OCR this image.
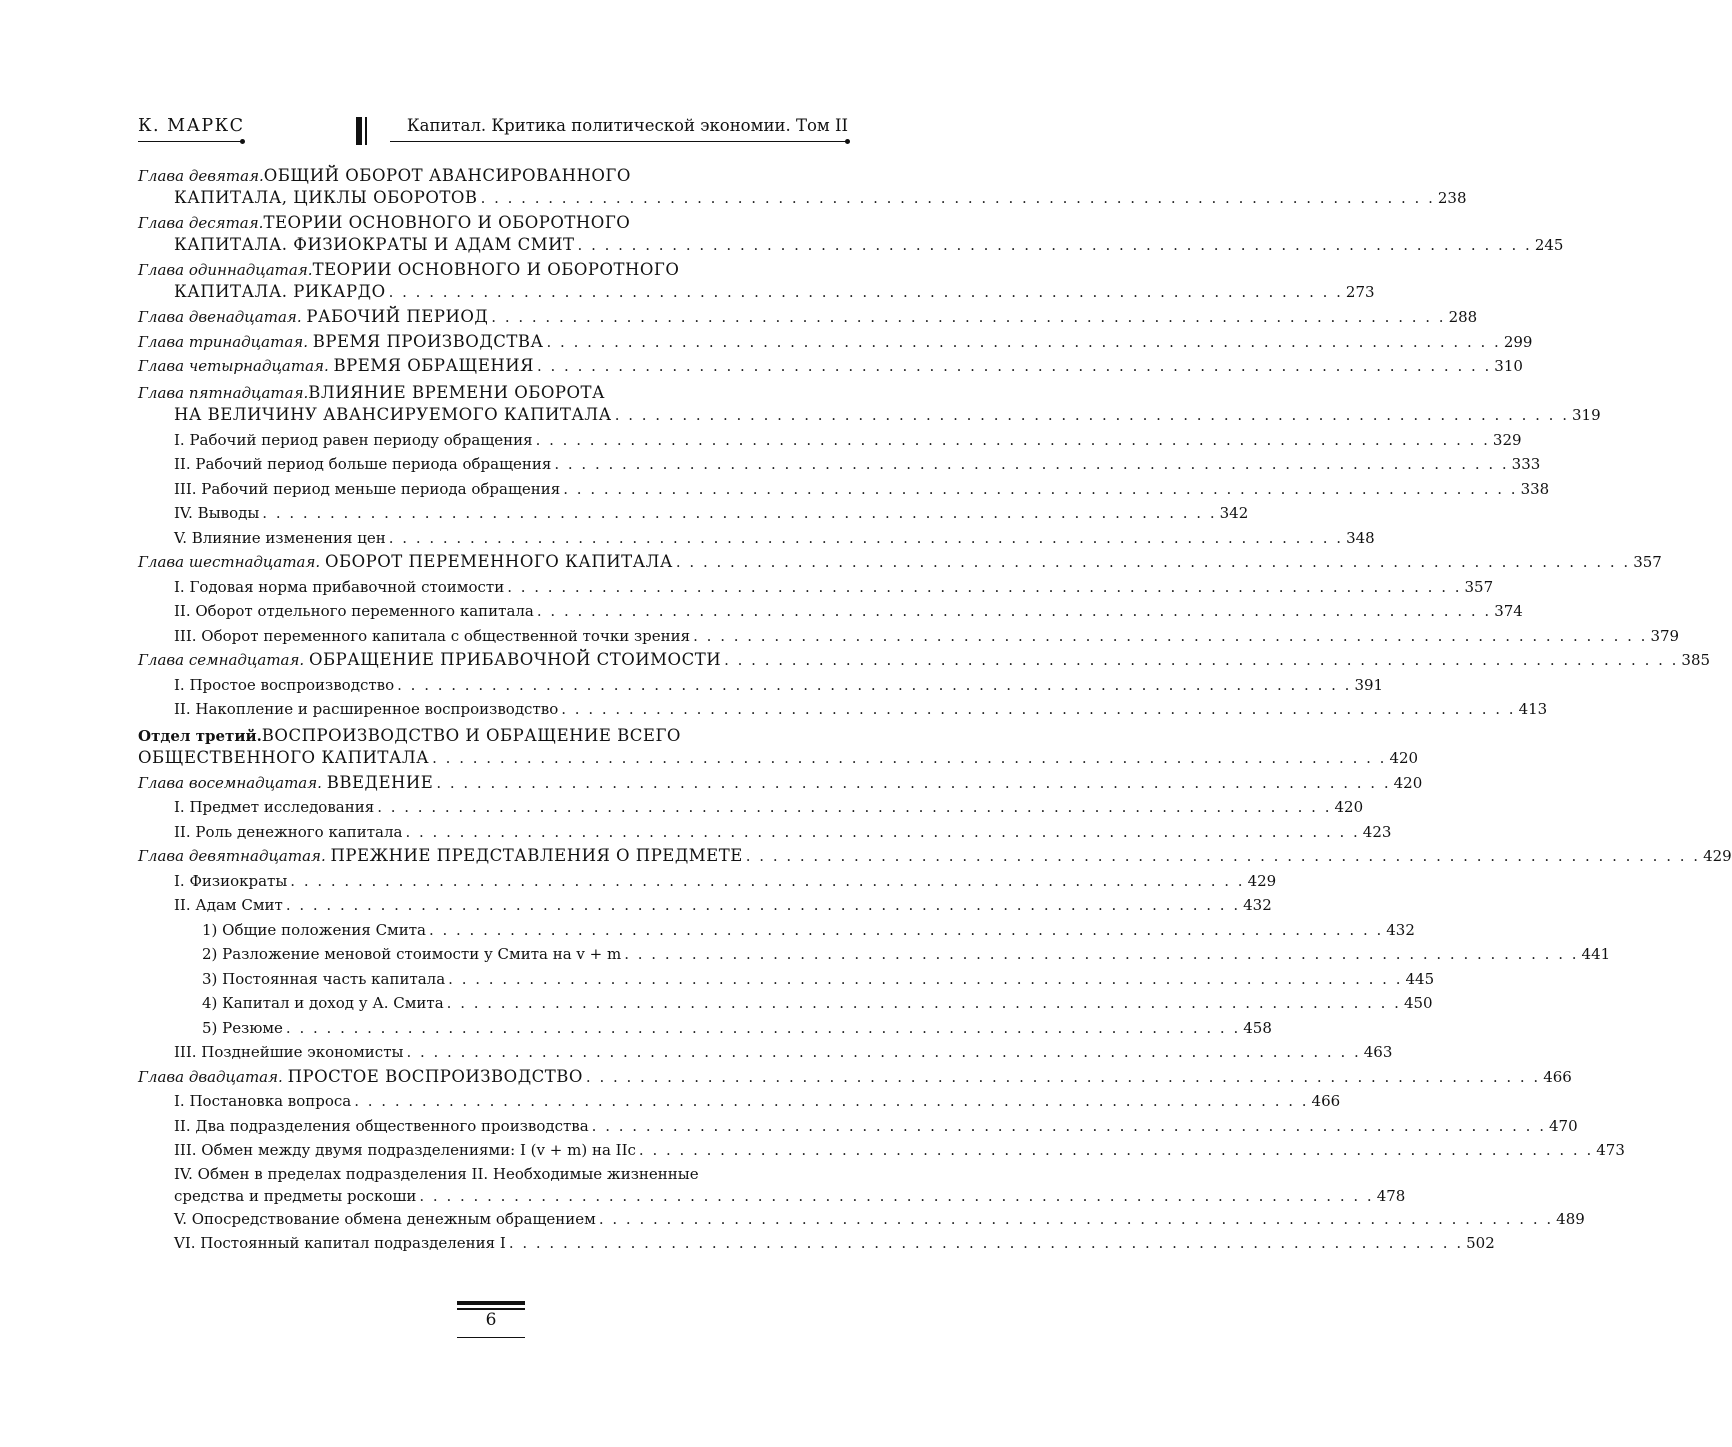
К. МАРКС	Капитал. Критика политической экономии. Том II
Глава девятая. ОБЩИЙ ОБОРОТ АВАНСИРОВАННОГО
КАПИТАЛА, ЦИКЛЫ ОБОРОТОВ . . . . . . . . . . . . . . . . . . . . . . . . . . . . . . . . . . . . . . . . . . . . . . . . . . . . . . . . . . . . . . . . . . . . . . . 238
Глава десятая. ТЕОРИИ ОСНОВНОГО И ОБОРОТНОГО
КАПИТАЛА. ФИЗИОКРАТЫ И АДАМ СМИТ . . . . . . . . . . . . . . . . . . . . . . . . . . . . . . . . . . . . . . . . . . . . . . . . . . . . . . . . . . . . . . . . . . . . . . . 245
Глава одиннадцатая. ТЕОРИИ ОСНОВНОГО И ОБОРОТНОГО
КАПИТАЛА. РИКАРДО . . . . . . . . . . . . . . . . . . . . . . . . . . . . . . . . . . . . . . . . . . . . . . . . . . . . . . . . . . . . . . . . . . . . . . . 273
Глава двенадцатая. РАБОЧИЙ ПЕРИОД . . . . . . . . . . . . . . . . . . . . . . . . . . . . . . . . . . . . . . . . . . . . . . . . . . . . . . . . . . . . . . . . . . . . . . . 288
Глава тринадцатая. ВРЕМЯ ПРОИЗВОДСТВА . . . . . . . . . . . . . . . . . . . . . . . . . . . . . . . . . . . . . . . . . . . . . . . . . . . . . . . . . . . . . . . . . . . . . . . 299
Глава четырнадцатая. ВРЕМЯ ОБРАЩЕНИЯ . . . . . . . . . . . . . . . . . . . . . . . . . . . . . . . . . . . . . . . . . . . . . . . . . . . . . . . . . . . . . . . . . . . . . . . 310
Глава пятнадцатая. ВЛИЯНИЕ ВРЕМЕНИ ОБОРОТА
НА ВЕЛИЧИНУ АВАНСИРУЕМОГО КАПИТАЛА . . . . . . . . . . . . . . . . . . . . . . . . . . . . . . . . . . . . . . . . . . . . . . . . . . . . . . . . . . . . . . . . . . . . . . . 319
I. Рабочий период равен периоду обращения . . . . . . . . . . . . . . . . . . . . . . . . . . . . . . . . . . . . . . . . . . . . . . . . . . . . . . . . . . . . . . . . . . . . . . . 329
II. Рабочий период больше периода обращения . . . . . . . . . . . . . . . . . . . . . . . . . . . . . . . . . . . . . . . . . . . . . . . . . . . . . . . . . . . . . . . . . . . . . . . 333
III. Рабочий период меньше периода обращения . . . . . . . . . . . . . . . . . . . . . . . . . . . . . . . . . . . . . . . . . . . . . . . . . . . . . . . . . . . . . . . . . . . . . . . 338
IV. Выводы . . . . . . . . . . . . . . . . . . . . . . . . . . . . . . . . . . . . . . . . . . . . . . . . . . . . . . . . . . . . . . . . . . . . . . . 342
V. Влияние изменения цен . . . . . . . . . . . . . . . . . . . . . . . . . . . . . . . . . . . . . . . . . . . . . . . . . . . . . . . . . . . . . . . . . . . . . . . 348
Глава шестнадцатая. ОБОРОТ ПЕРЕМЕННОГО КАПИТАЛА . . . . . . . . . . . . . . . . . . . . . . . . . . . . . . . . . . . . . . . . . . . . . . . . . . . . . . . . . . . . . . . . . . . . . . . 357
I. Годовая норма прибавочной стоимости . . . . . . . . . . . . . . . . . . . . . . . . . . . . . . . . . . . . . . . . . . . . . . . . . . . . . . . . . . . . . . . . . . . . . . . 357
II. Оборот отдельного переменного капитала . . . . . . . . . . . . . . . . . . . . . . . . . . . . . . . . . . . . . . . . . . . . . . . . . . . . . . . . . . . . . . . . . . . . . . . 374
III. Оборот переменного капитала с общественной точки зрения . . . . . . . . . . . . . . . . . . . . . . . . . . . . . . . . . . . . . . . . . . . . . . . . . . . . . . . . . . . . . . . . . . . . . . . 379
Глава семнадцатая. ОБРАЩЕНИЕ ПРИБАВОЧНОЙ СТОИМОСТИ . . . . . . . . . . . . . . . . . . . . . . . . . . . . . . . . . . . . . . . . . . . . . . . . . . . . . . . . . . . . . . . . . . . . . . . 385
I. Простое воспроизводство . . . . . . . . . . . . . . . . . . . . . . . . . . . . . . . . . . . . . . . . . . . . . . . . . . . . . . . . . . . . . . . . . . . . . . . 391
II. Накопление и расширенное воспроизводство . . . . . . . . . . . . . . . . . . . . . . . . . . . . . . . . . . . . . . . . . . . . . . . . . . . . . . . . . . . . . . . . . . . . . . . 413
Отдел третий. ВОСПРОИЗВОДСТВО И ОБРАЩЕНИЕ ВСЕГО
ОБЩЕСТВЕННОГО КАПИТАЛА . . . . . . . . . . . . . . . . . . . . . . . . . . . . . . . . . . . . . . . . . . . . . . . . . . . . . . . . . . . . . . . . . . . . . . . 420
Глава восемнадцатая. ВВЕДЕНИЕ . . . . . . . . . . . . . . . . . . . . . . . . . . . . . . . . . . . . . . . . . . . . . . . . . . . . . . . . . . . . . . . . . . . . . . . 420
I. Предмет исследования . . . . . . . . . . . . . . . . . . . . . . . . . . . . . . . . . . . . . . . . . . . . . . . . . . . . . . . . . . . . . . . . . . . . . . . 420
II. Роль денежного капитала . . . . . . . . . . . . . . . . . . . . . . . . . . . . . . . . . . . . . . . . . . . . . . . . . . . . . . . . . . . . . . . . . . . . . . . 423
Глава девятнадцатая. ПРЕЖНИЕ ПРЕДСТАВЛЕНИЯ О ПРЕДМЕТЕ . . . . . . . . . . . . . . . . . . . . . . . . . . . . . . . . . . . . . . . . . . . . . . . . . . . . . . . . . . . . . . . . . . . . . . . 429
I. Физиократы . . . . . . . . . . . . . . . . . . . . . . . . . . . . . . . . . . . . . . . . . . . . . . . . . . . . . . . . . . . . . . . . . . . . . . . 429
II. Адам Смит . . . . . . . . . . . . . . . . . . . . . . . . . . . . . . . . . . . . . . . . . . . . . . . . . . . . . . . . . . . . . . . . . . . . . . . 432
1) Общие положения Смита . . . . . . . . . . . . . . . . . . . . . . . . . . . . . . . . . . . . . . . . . . . . . . . . . . . . . . . . . . . . . . . . . . . . . . . 432
2) Разложение меновой стоимости у Смита на v + m . . . . . . . . . . . . . . . . . . . . . . . . . . . . . . . . . . . . . . . . . . . . . . . . . . . . . . . . . . . . . . . . . . . . . . . 441
3) Постоянная часть капитала . . . . . . . . . . . . . . . . . . . . . . . . . . . . . . . . . . . . . . . . . . . . . . . . . . . . . . . . . . . . . . . . . . . . . . . 445
4) Капитал и доход у А. Смита . . . . . . . . . . . . . . . . . . . . . . . . . . . . . . . . . . . . . . . . . . . . . . . . . . . . . . . . . . . . . . . . . . . . . . . 450
5) Резюме . . . . . . . . . . . . . . . . . . . . . . . . . . . . . . . . . . . . . . . . . . . . . . . . . . . . . . . . . . . . . . . . . . . . . . . 458
III. Позднейшие экономисты . . . . . . . . . . . . . . . . . . . . . . . . . . . . . . . . . . . . . . . . . . . . . . . . . . . . . . . . . . . . . . . . . . . . . . . 463
Глава двадцатая. ПРОСТОЕ ВОСПРОИЗВОДСТВО . . . . . . . . . . . . . . . . . . . . . . . . . . . . . . . . . . . . . . . . . . . . . . . . . . . . . . . . . . . . . . . . . . . . . . . 466
I. Постановка вопроса . . . . . . . . . . . . . . . . . . . . . . . . . . . . . . . . . . . . . . . . . . . . . . . . . . . . . . . . . . . . . . . . . . . . . . . 466
II. Два подразделения общественного производства . . . . . . . . . . . . . . . . . . . . . . . . . . . . . . . . . . . . . . . . . . . . . . . . . . . . . . . . . . . . . . . . . . . . . . . 470
III. Обмен между двумя подразделениями: I (v + m) на IIc . . . . . . . . . . . . . . . . . . . . . . . . . . . . . . . . . . . . . . . . . . . . . . . . . . . . . . . . . . . . . . . . . . . . . . . 473
IV. Обмен в пределах подразделения II. Необходимые жизненные
средства и предметы роскоши . . . . . . . . . . . . . . . . . . . . . . . . . . . . . . . . . . . . . . . . . . . . . . . . . . . . . . . . . . . . . . . . . . . . . . . 478
V. Опосредствование обмена денежным обращением . . . . . . . . . . . . . . . . . . . . . . . . . . . . . . . . . . . . . . . . . . . . . . . . . . . . . . . . . . . . . . . . . . . . . . . 489
VI. Постоянный капитал подразделения I . . . . . . . . . . . . . . . . . . . . . . . . . . . . . . . . . . . . . . . . . . . . . . . . . . . . . . . . . . . . . . . . . . . . . . . 502
6
